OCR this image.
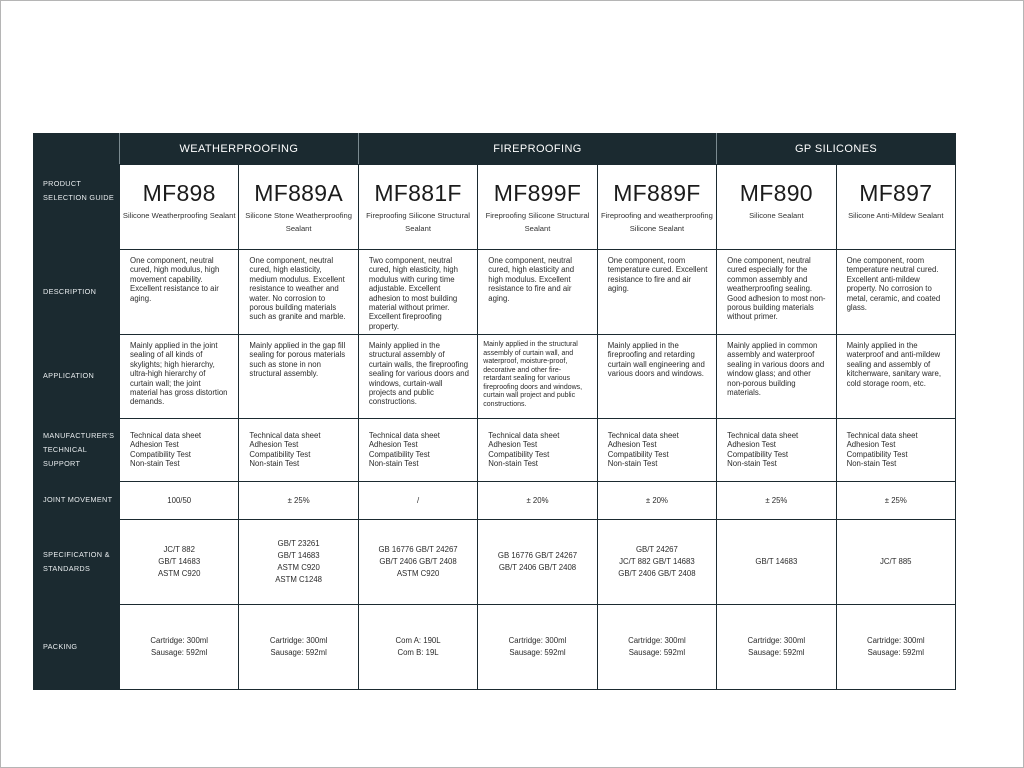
PRODUCT SELECTION GUIDE
WEATHERPROOFING	FIREPROOFING	GP SILICONES
DESCRIPTION
APPLICATION
MANUFACTURER'S TECHNICAL SUPPORT
JOINT MOVEMENT
SPECIFICATION & STANDARDS
PACKING
MF898
Silicone Weatherproofing Sealant
One component, neutral cured, high modulus, high movement capability. Excellent resistance to air aging.
Mainly applied in the joint sealing of all kinds of skylights; high hierarchy, ultra-high hierarchy of curtain wall; the joint material has gross distortion demands.
Technical data sheet
Adhesion Test
Compatibility Test
Non-stain Test
100/50
JC/T 882
GB/T 14683
ASTM C920
Cartridge: 300ml
Sausage: 592ml
MF889A
Silicone Stone Weatherproofing Sealant
One component, neutral cured, high elasticity, medium modulus. Excellent resistance to weather and water. No corrosion to porous building materials such as granite and marble.
Mainly applied in the gap fill sealing for porous materials such as stone in non structural assembly.
Technical data sheet
Adhesion Test
Compatibility Test
Non-stain Test
± 25%
GB/T 23261
GB/T 14683
ASTM C920
ASTM C1248
Cartridge: 300ml
Sausage: 592ml
MF881F
Fireproofing Silicone Structural Sealant
Two component, neutral cured, high elasticity, high modulus with curing time adjustable. Excellent adhesion to most building material without primer. Excellent fireproofing property.
Mainly applied in the structural assembly of curtain walls, the fireproofing sealing for various doors and windows, curtain-wall projects and public constructions.
Technical data sheet
Adhesion Test
Compatibility Test
Non-stain Test
/
GB 16776 GB/T 24267
GB/T 2406 GB/T 2408
ASTM C920
Com A: 190L
Com B: 19L
MF899F
Fireproofing Silicone Structural Sealant
One component, neutral cured, high elasticity and high modulus. Excellent resistance to fire and air aging.
Mainly applied in the structural assembly of curtain wall, and waterproof, moisture-proof, decorative and other fire-retardant sealing for various fireproofing doors and windows, curtain wall project and public constructions.
Technical data sheet
Adhesion Test
Compatibility Test
Non-stain Test
± 20%
GB 16776 GB/T 24267
GB/T 2406 GB/T 2408
Cartridge: 300ml
Sausage: 592ml
MF889F
Fireproofing and weatherproofing Silicone Sealant
One component, room temperature cured. Excellent resistance to fire and air aging.
Mainly applied in the fireproofing and retarding curtain wall engineering and various doors and windows.
Technical data sheet
Adhesion Test
Compatibility Test
Non-stain Test
± 20%
GB/T 24267
JC/T 882 GB/T 14683
GB/T 2406 GB/T 2408
Cartridge: 300ml
Sausage: 592ml
MF890
Silicone Sealant
One component, neutral cured especially for the common assembly and weatherproofing sealing. Good adhesion to most non-porous building materials without primer.
Mainly applied in common assembly and waterproof sealing in various doors and window glass; and other non-porous building materials.
Technical data sheet
Adhesion Test
Compatibility Test
Non-stain Test
± 25%
GB/T 14683
Cartridge: 300ml
Sausage: 592ml
MF897
Silicone Anti-Mildew Sealant
One component, room temperature neutral cured. Excellent anti-mildew property. No corrosion to metal, ceramic, and coated glass.
Mainly applied in the waterproof and anti-mildew sealing and assembly of kitchenware, sanitary ware, cold storage room, etc.
Technical data sheet
Adhesion Test
Compatibility Test
Non-stain Test
± 25%
JC/T 885
Cartridge: 300ml
Sausage: 592ml
